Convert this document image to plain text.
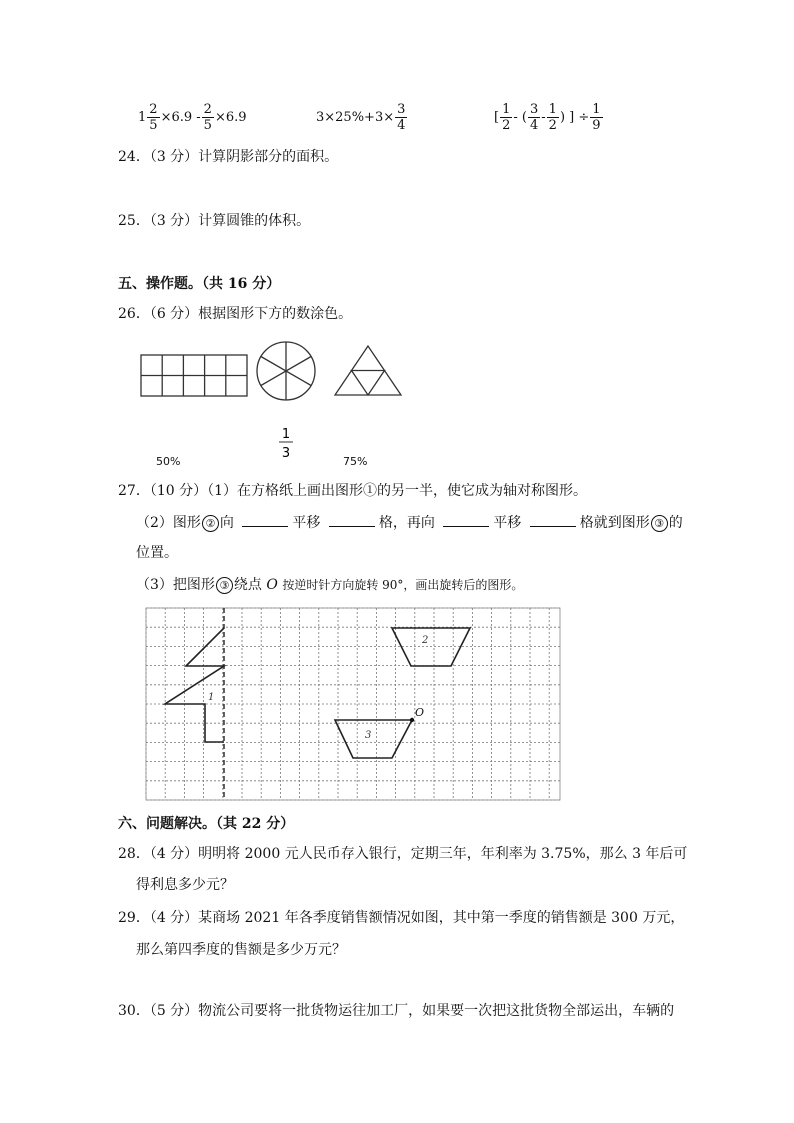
$1 \frac{2}{5} \times 6.9 - \frac{2}{5} \times 6.9$	$3\times 25\%+3\times \frac{3}{4}$	[ $\frac{1}{2}$ - ( $\frac{3}{4} - \frac{1}{2}$ ) ] ÷ $\frac{1}{9}$
24．（3 分）计算阴影部分的面积。
25．（3 分）计算圆锥的体积。
五、操作题。（共 16 分）
26．（6 分）根据图形下方的数涂色。
1
3
50%	75%
27．（10 分）（1）在方格纸上画出图形①的另一半，使它成为轴对称图形。
（2）图形 ② 向	平移	格，再向	平移	格就到图形 ③ 的
位置。
（3）把图形 ③ 绕点 O 按逆时针方向旋转 90°，画出旋转后的图形。
1
2
3
O
六、问题解决。（其 22 分）
28．（4 分）明明将 2000 元人民币存入银行，定期三年，年利率为 3.75%，那么 3 年后可
得利息多少元？
29．（4 分）某商场 2021 年各季度销售额情况如图，其中第一季度的销售额是 300 万元，
那么第四季度的售额是多少万元？
30．（5 分）物流公司要将一批货物运往加工厂，如果要一次把这批货物全部运出，车辆的
